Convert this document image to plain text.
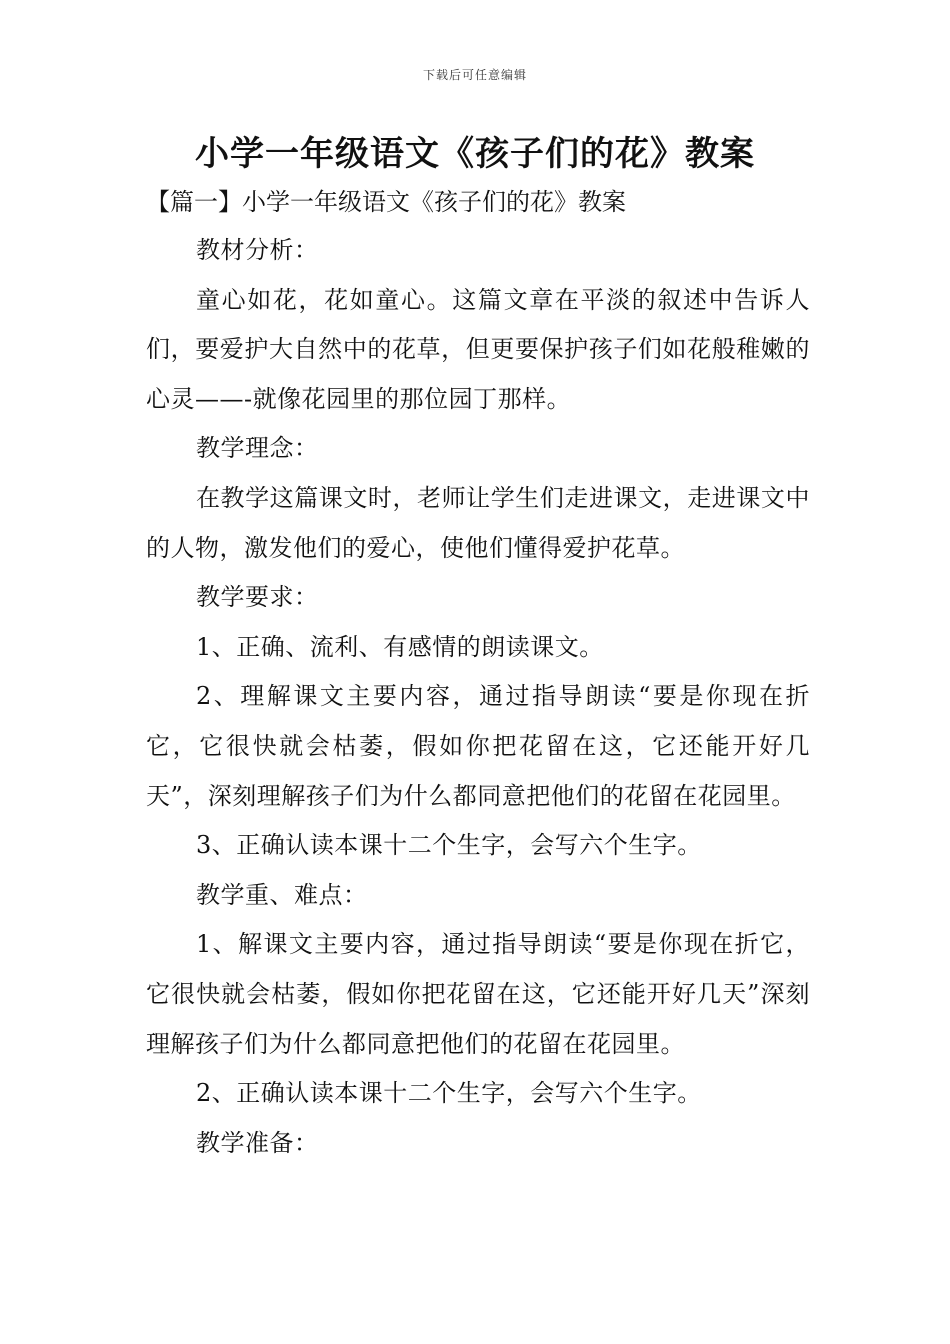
下载后可任意编辑
小学一年级语文《孩子们的花》教案
【篇一】小学一年级语文《孩子们的花》教案

教材分析：

童心如花，花如童心。这篇文章在平淡的叙述中告诉人们，要爱护大自然中的花草，但更要保护孩子们如花般稚嫩的心灵——-就像花园里的那位园丁那样。

教学理念：

在教学这篇课文时，老师让学生们走进课文，走进课文中的人物，激发他们的爱心，使他们懂得爱护花草。

教学要求：

1、正确、流利、有感情的朗读课文。

2、理解课文主要内容，通过指导朗读“要是你现在折它，它很快就会枯萎，假如你把花留在这，它还能开好几天”，深刻理解孩子们为什么都同意把他们的花留在花园里。

3、正确认读本课十二个生字，会写六个生字。

教学重、难点：

1、解课文主要内容，通过指导朗读“要是你现在折它，它很快就会枯萎，假如你把花留在这，它还能开好几天”深刻理解孩子们为什么都同意把他们的花留在花园里。

2、正确认读本课十二个生字，会写六个生字。

教学准备：
